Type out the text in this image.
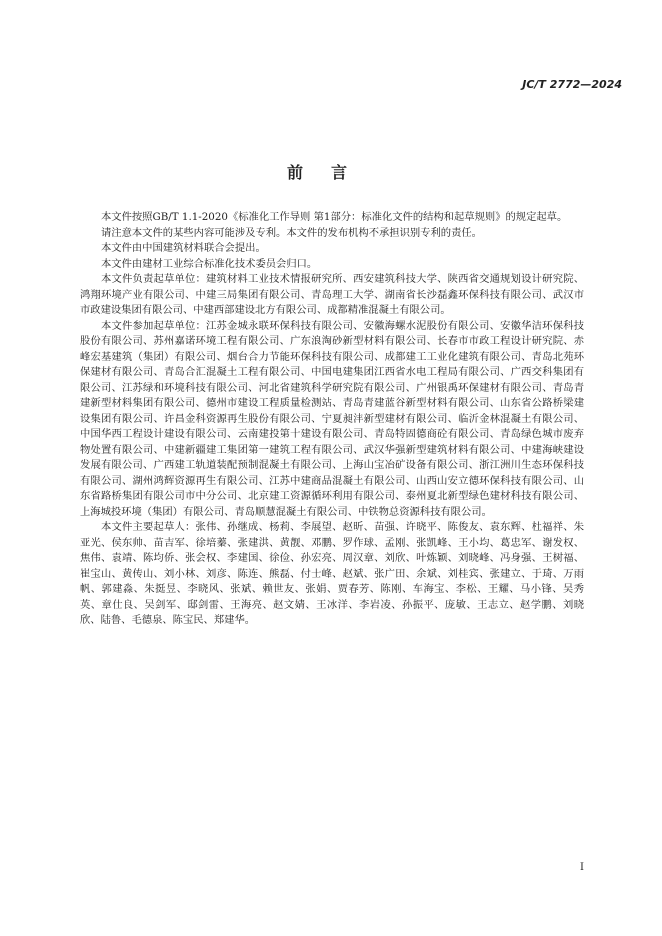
JC/T 2772—2024
前言

本文件按照GB/T 1.1-2020《标准化工作导则 第1部分：标准化文件的结构和起草规则》的规定起草。

请注意本文件的某些内容可能涉及专利。本文件的发布机构不承担识别专利的责任。

本文件由中国建筑材料联合会提出。

本文件由建材工业综合标准化技术委员会归口。

本文件负责起草单位：建筑材料工业技术情报研究所、西安建筑科技大学、陕西省交通规划设计研究院、鸿翔环境产业有限公司、中建三局集团有限公司、青岛理工大学、湖南省长沙磊鑫环保科技有限公司、武汉市市政建设集团有限公司、中建西部建设北方有限公司、成都精准混凝土有限公司。

本文件参加起草单位：江苏金城永联环保科技有限公司、安徽海螺水泥股份有限公司、安徽华洁环保科技股份有限公司、苏州嘉诺环境工程有限公司、广东浪淘砂新型材料有限公司、长春市市政工程设计研究院、赤峰宏基建筑（集团）有限公司、烟台合力节能环保科技有限公司、成都建工工业化建筑有限公司、青岛北苑环保建材有限公司、青岛合汇混凝土工程有限公司、中国电建集团江西省水电工程局有限公司、广西交科集团有限公司、江苏绿和环境科技有限公司、河北省建筑科学研究院有限公司、广州银禹环保建材有限公司、青岛青建新型材料集团有限公司、德州市建设工程质量检测站、青岛青建蓝谷新型材料有限公司、山东省公路桥梁建设集团有限公司、许昌金科资源再生股份有限公司、宁夏昶沣新型建材有限公司、临沂金林混凝土有限公司、中国华西工程设计建设有限公司、云南建投第十建设有限公司、青岛特固德商砼有限公司、青岛绿色城市废弃物处置有限公司、中建新疆建工集团第一建筑工程有限公司、武汉华强新型建筑材料有限公司、中建海峡建设发展有限公司、广西建工轨道装配预制混凝土有限公司、上海山宝冶矿设备有限公司、浙江洲川生态环保科技有限公司、湖州鸿辉资源再生有限公司、江苏中建商品混凝土有限公司、山西山安立德环保科技有限公司、山东省路桥集团有限公司市中分公司、北京建工资源循环利用有限公司、泰州夏北新型绿色建材科技有限公司、上海城投环境（集团）有限公司、青岛顺慧混凝土有限公司、中铁物总资源科技有限公司。

本文件主要起草人：张伟、孙继成、杨莉、李展望、赵昕、苗强、许晓平、陈俊友、袁东辉、杜福祥、朱亚光、侯东帅、苗吉军、徐培蓁、张建洪、黄靓、邓鹏、罗作球、孟刚、张凯峰、王小均、葛忠军、谢发权、焦伟、袁靖、陈均侨、张会权、李建国、徐俭、孙宏亮、周汉章、刘欣、叶炼颖、刘晓峰、冯身强、王树福、崔宝山、黄传山、刘小林、刘彦、陈连、熊磊、付士峰、赵斌、张广田、余斌、刘桂宾、张建立、于琦、万雨帆、郭建淼、朱挺昱、李晓风、张斌、赖世友、张娟、贾春芳、陈刚、车海宝、李松、王耀、马小锋、吴秀英、章仕良、吴剑军、邸剑雷、王海亮、赵文婧、王冰洋、李岩凌、孙振平、庞敏、王志立、赵学鹏、刘晓欣、陆鲁、毛德泉、陈宝民、郑建华。

I
